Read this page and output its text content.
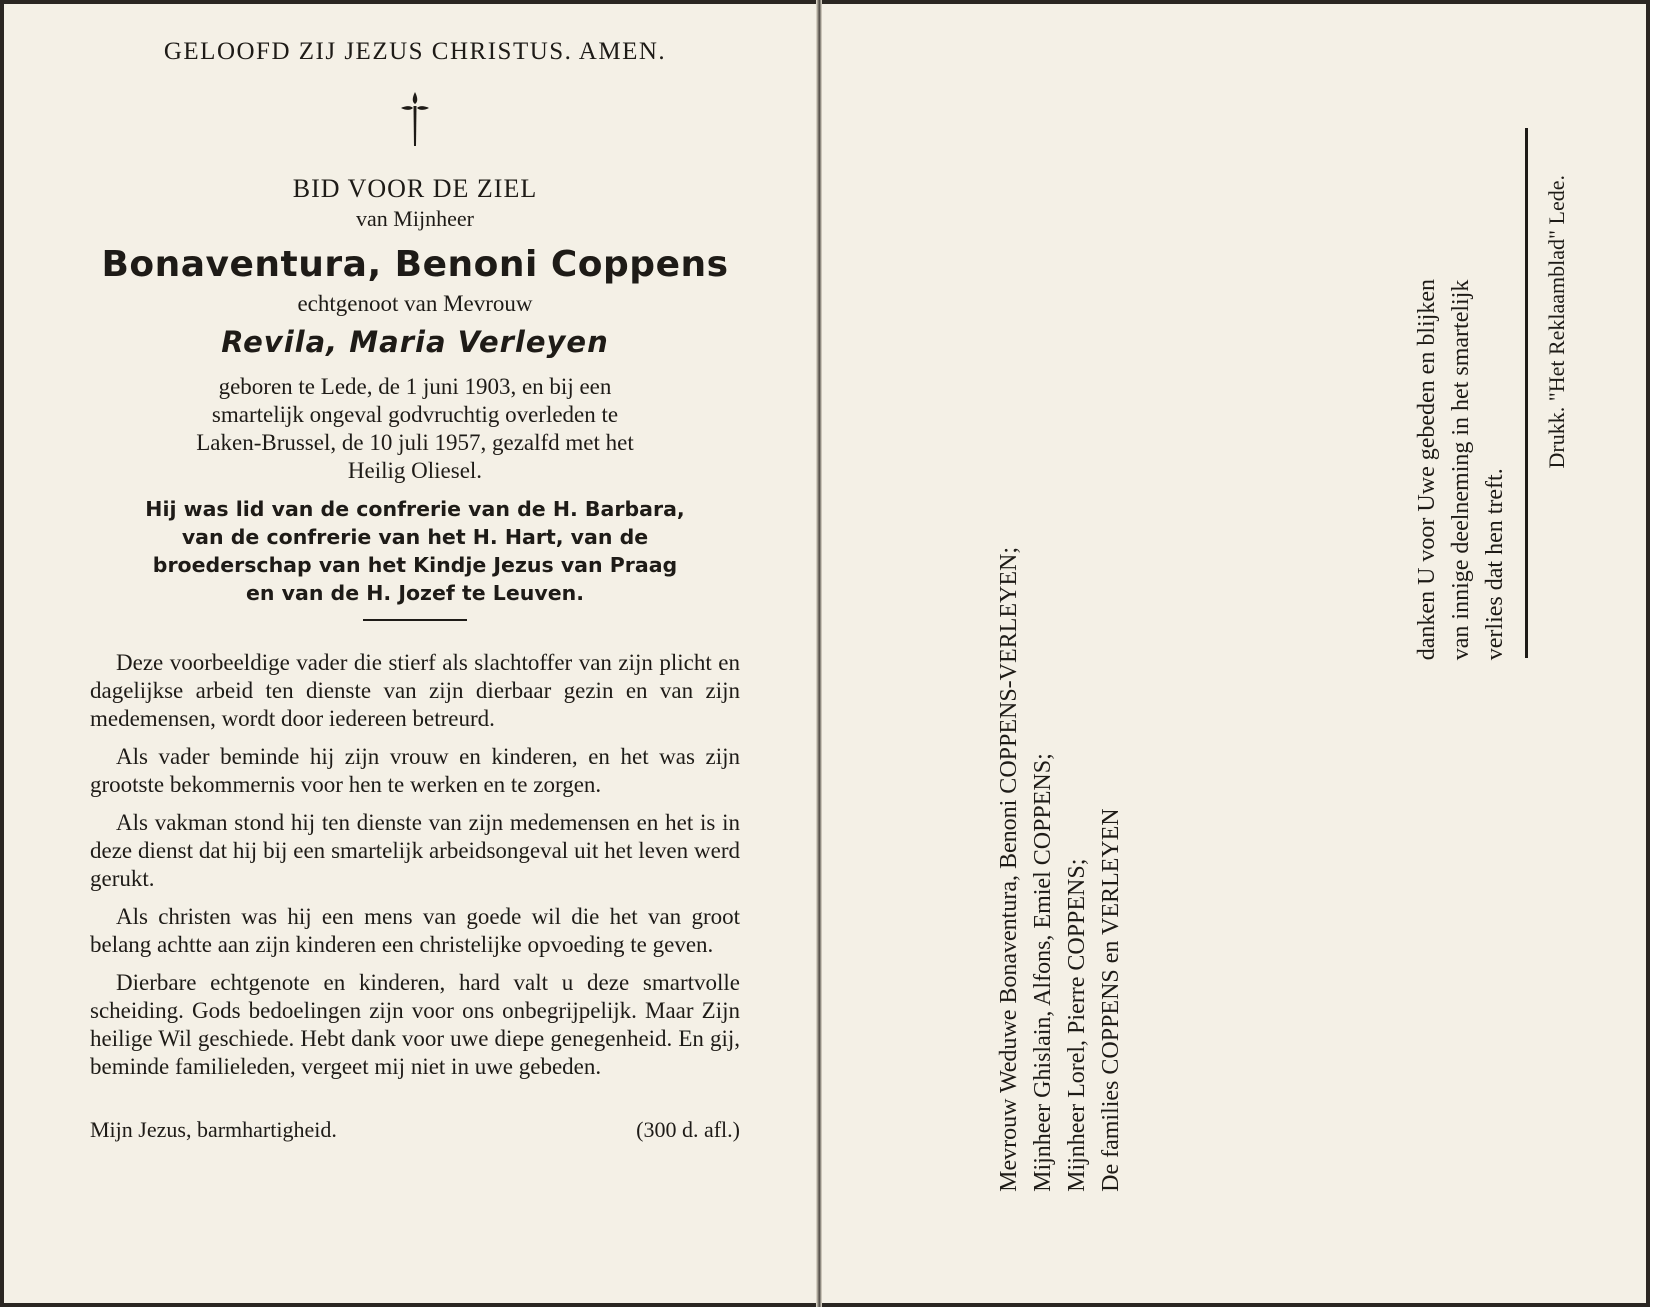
GELOOFD ZIJ JEZUS CHRISTUS. AMEN.
BID VOOR DE ZIEL
van Mijnheer
Bonaventura, Benoni Coppens
echtgenoot van Mevrouw
Revila, Maria Verleyen
geboren te Lede, de 1 juni 1903, en bij een
smartelijk ongeval godvruchtig overleden te
Laken-Brussel, de 10 juli 1957, gezalfd met het
Heilig Oliesel.
Hij was lid van de confrerie van de H. Barbara,
van de confrerie van het H. Hart, van de
broederschap van het Kindje Jezus van Praag
en van de H. Jozef te Leuven.
Deze voorbeeldige vader die stierf als slachtoffer van zijn plicht en dagelijkse arbeid ten dienste van zijn dierbaar gezin en van zijn medemensen, wordt door iedereen betreurd.
Als vader beminde hij zijn vrouw en kinderen, en het was zijn grootste bekommernis voor hen te werken en te zorgen.
Als vakman stond hij ten dienste van zijn medemensen en het is in deze dienst dat hij bij een smartelijk arbeidsongeval uit het leven werd gerukt.
Als christen was hij een mens van goede wil die het van groot belang achtte aan zijn kinderen een christelijke opvoeding te geven.
Dierbare echtgenote en kinderen, hard valt u deze smartvolle scheiding. Gods bedoelingen zijn voor ons onbegrijpelijk. Maar Zijn heilige Wil geschiede. Hebt dank voor uwe diepe genegenheid. En gij, beminde familieleden, vergeet mij niet in uwe gebeden.
Mijn Jezus, barmhartigheid.	(300 d. afl.)	Mevrouw Weduwe Bonaventura, Benoni COPPENS-VERLEYEN; Mijnheer Ghislain, Alfons, Emiel COPPENS; Mijnheer Lorel, Pierre COPPENS; De families COPPENS en VERLEYEN
danken U voor Uwe gebeden en blijken van innige deelneming in het smartelijk verlies dat hen treft.
Drukk. "Het Reklaamblad" Lede.
